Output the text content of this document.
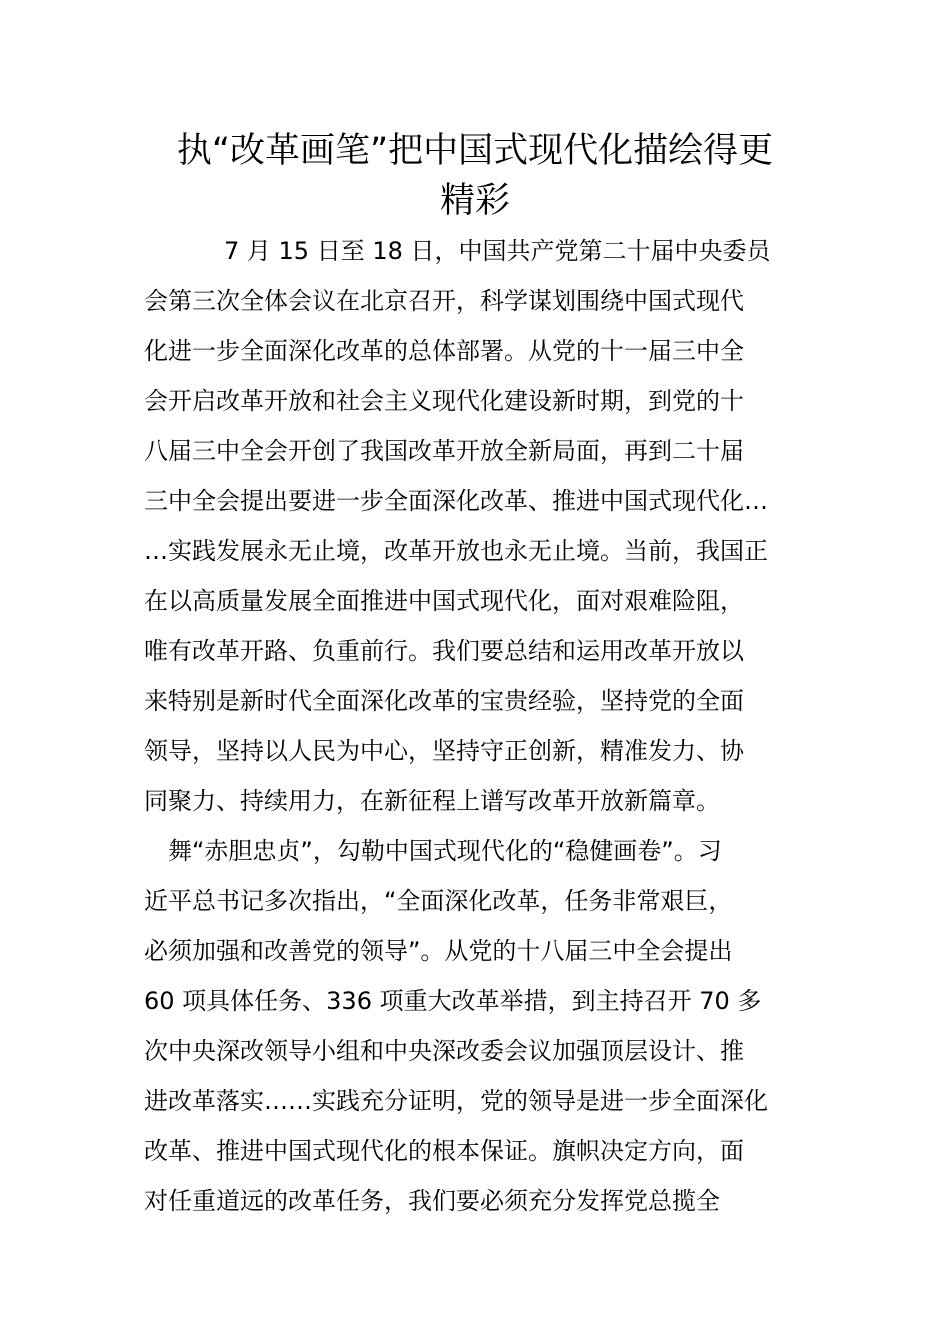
执“改革画笔”把中国式现代化描绘得更
精彩
7 月 15 日至 18 日，中国共产党第二十届中央委员
会第三次全体会议在北京召开，科学谋划围绕中国式现代
化进一步全面深化改革的总体部署。从党的十一届三中全
会开启改革开放和社会主义现代化建设新时期，到党的十
八届三中全会开创了我国改革开放全新局面，再到二十届
三中全会提出要进一步全面深化改革、推进中国式现代化…
…实践发展永无止境，改革开放也永无止境。当前，我国正
在以高质量发展全面推进中国式现代化，面对艰难险阻，
唯有改革开路、负重前行。我们要总结和运用改革开放以
来特别是新时代全面深化改革的宝贵经验，坚持党的全面
领导，坚持以人民为中心，坚持守正创新，精准发力、协
同聚力、持续用力，在新征程上谱写改革开放新篇章。
舞“赤胆忠贞”，勾勒中国式现代化的“稳健画卷”。习
近平总书记多次指出，“全面深化改革，任务非常艰巨，
必须加强和改善党的领导”。从党的十八届三中全会提出
60 项具体任务、336 项重大改革举措，到主持召开 70 多
次中央深改领导小组和中央深改委会议加强顶层设计、推
进改革落实……实践充分证明，党的领导是进一步全面深化
改革、推进中国式现代化的根本保证。旗帜决定方向，面
对任重道远的改革任务，我们要必须充分发挥党总揽全
